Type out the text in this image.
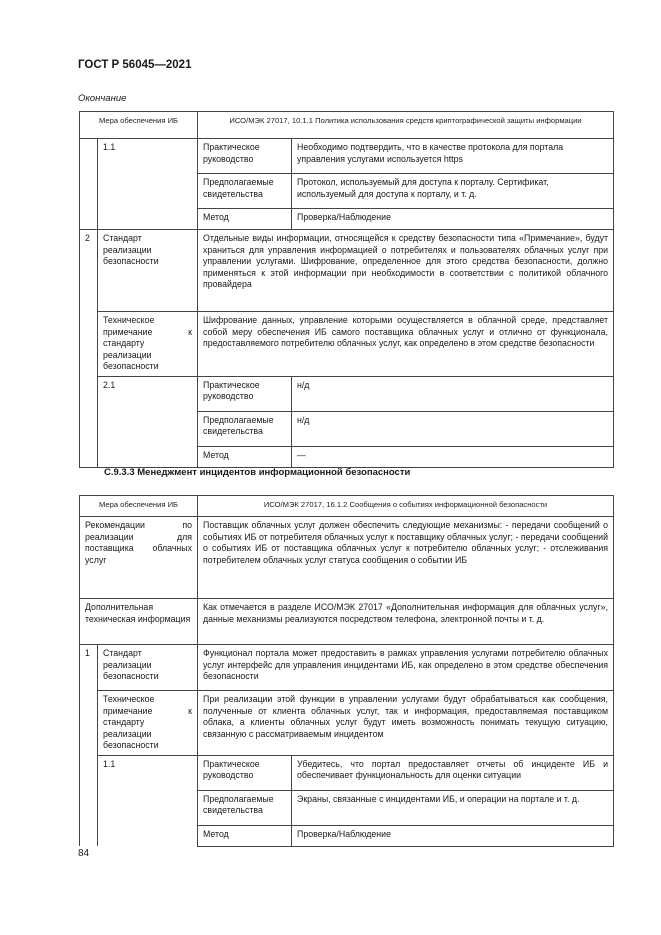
ГОСТ Р 56045—2021
Окончание
Мера обеспечения ИБ		ИСО/МЭК 27017, 10.1.1 Политика использования средств криптографической защиты информации	
	1.1	Практическое руководство	Необходимо подтвердить, что в качестве протокола для портала управления услугами используется https
		Предполагаемые свидетельства	Протокол, используемый для доступа к порталу. Сертификат, используемый для доступа к порталу, и т. д.
		Метод	Проверка/Наблюдение
2	Стандарт реализации безопасности	Отдельные виды информации, относящейся к средству безопасности типа «Примечание», будут храниться для управления информацией о потребителях и пользователях облачных услуг при управлении услугами. Шифрование, определенное для этого средства безопасности, должно применяться к этой информации при необходимости в соответствии с политикой облачного провайдера	
	Техническое примечание к стандарту реализации безопасности	Шифрование данных, управление которыми осуществляется в облачной среде, представляет собой меру обеспечения ИБ самого поставщика облачных услуг и отлично от функционала, предоставляемого потребителю облачных услуг, как определено в этом средстве безопасности	
	2.1	Практическое руководство	н/д
		Предполагаемые свидетельства	н/д
		Метод	—
С.9.3.3 Менеджмент инцидентов информационной безопасности
Мера обеспечения ИБ		ИСО/МЭК 27017, 16.1.2 Сообщения о событиях информационной безопасности	
Рекомендации по реализации для поставщика облачных услуг		Поставщик облачных услуг должен обеспечить следующие механизмы: - передачи сообщений о событиях ИБ от потребителя облачных услуг к поставщику облачных услуг; - передачи сообщений о событиях ИБ от поставщика облачных услуг к потребителю облачных услуг; - отслеживания потребителем облачных услуг статуса сообщения о событии ИБ	
Дополнительная техническая информация		Как отмечается в разделе ИСО/МЭК 27017 «Дополнительная информация для облачных услуг», данные механизмы реализуются посредством телефона, электронной почты и т. д.	
1	Стандарт реализации безопасности	Функционал портала может предоставить в рамках управления услугами потребителю облачных услуг интерфейс для управления инцидентами ИБ, как определено в этом средстве обеспечения безопасности	
	Техническое примечание к стандарту реализации безопасности	При реализации этой функции в управлении услугами будут обрабатываться как сообщения, полученные от клиента облачных услуг, так и информация, предоставляемая поставщиком облака, а клиенты облачных услуг будут иметь возможность понимать текущую ситуацию, связанную с рассматриваемым инцидентом	
	1.1	Практическое руководство	Убедитесь, что портал предоставляет отчеты об инциденте ИБ и обеспечивает функциональность для оценки ситуации
		Предполагаемые свидетельства	Экраны, связанные с инцидентами ИБ, и операции на портале и т. д.
		Метод	Проверка/Наблюдение
84
